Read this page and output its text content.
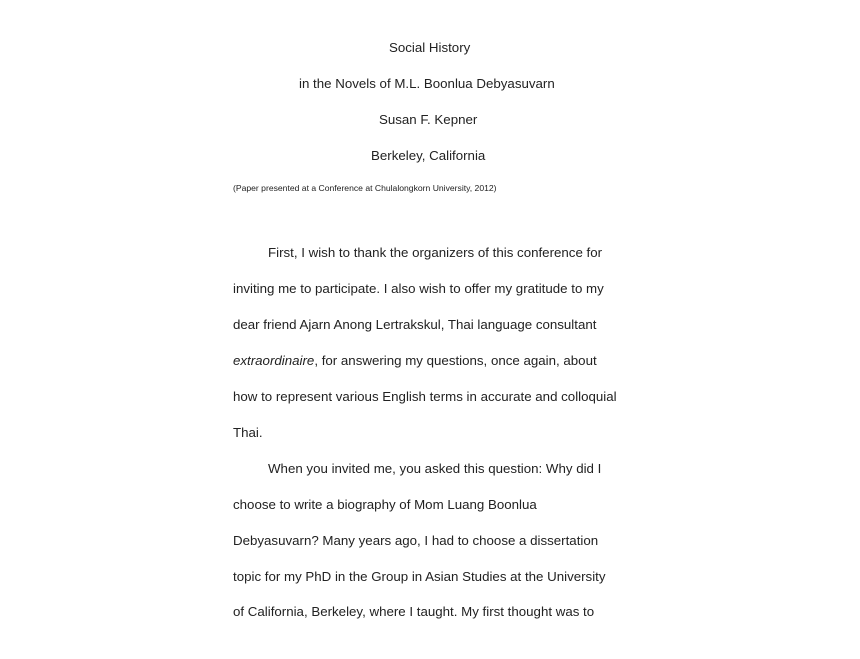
Social History
in the Novels of M.L. Boonlua Debyasuvarn
Susan F. Kepner
Berkeley, California
(Paper presented at a Conference at Chulalongkorn University, 2012)
First, I wish to thank the organizers of this conference for
inviting me to participate. I also wish to offer my gratitude to my
dear friend Ajarn Anong Lertrakskul, Thai language consultant
extraordinaire, for answering my questions, once again, about
how to represent various English terms in accurate and colloquial
Thai.
When you invited me, you asked this question: Why did I
choose to write a biography of Mom Luang Boonlua
Debyasuvarn? Many years ago, I had to choose a dissertation
topic for my PhD in the Group in Asian Studies at the University
of California, Berkeley, where I taught. My first thought was to
